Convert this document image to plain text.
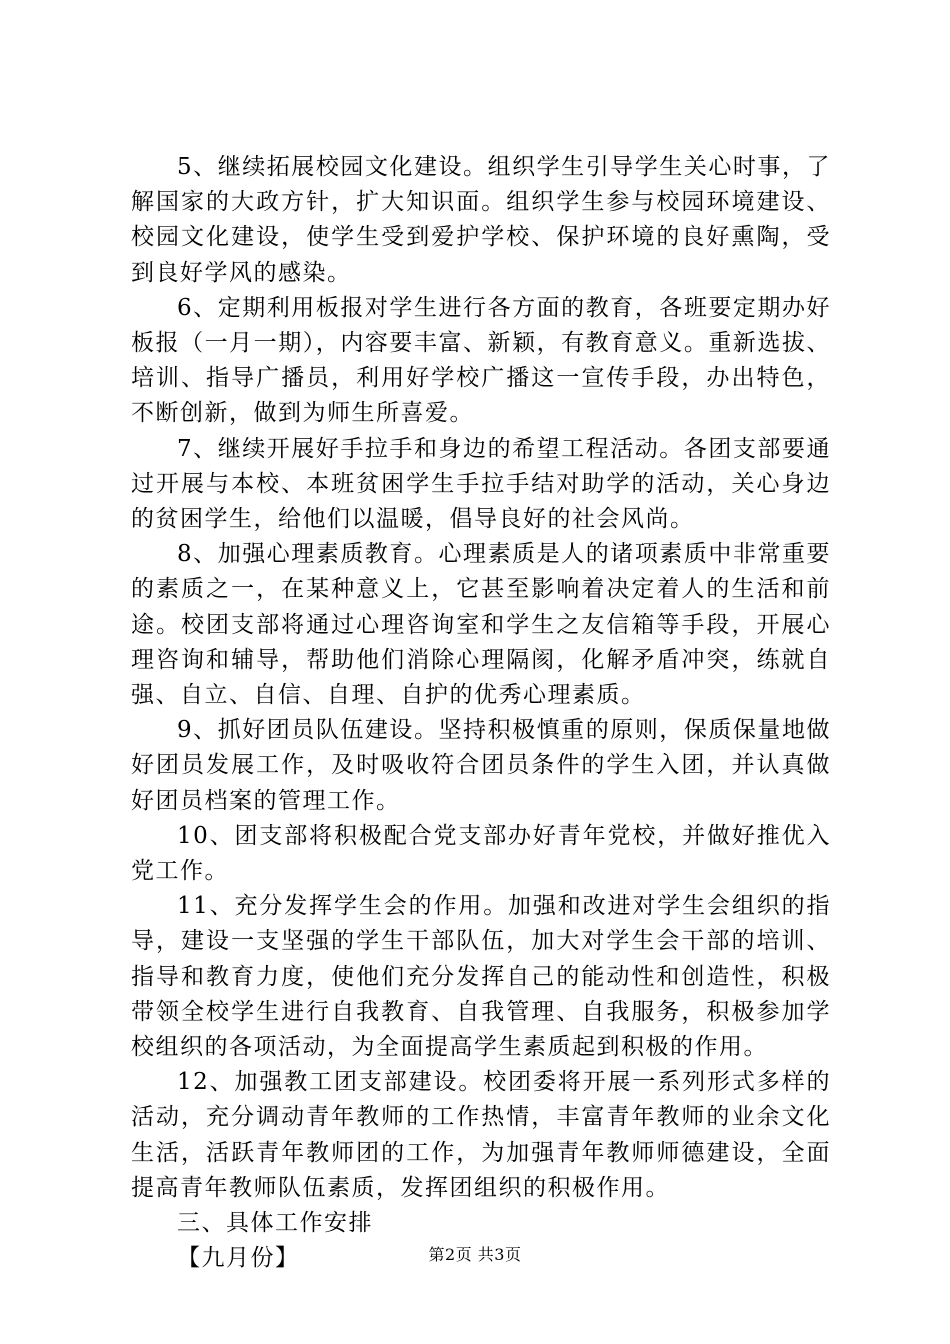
5、继续拓展校园文化建设。组织学生引导学生关心时事，了解国家的大政方针，扩大知识面。组织学生参与校园环境建设、校园文化建设，使学生受到爱护学校、保护环境的良好熏陶，受到良好学风的感染。

6、定期利用板报对学生进行各方面的教育，各班要定期办好板报（一月一期），内容要丰富、新颖，有教育意义。重新选拔、培训、指导广播员，利用好学校广播这一宣传手段，办出特色，不断创新，做到为师生所喜爱。

7、继续开展好手拉手和身边的希望工程活动。各团支部要通过开展与本校、本班贫困学生手拉手结对助学的活动，关心身边的贫困学生，给他们以温暖，倡导良好的社会风尚。

8、加强心理素质教育。心理素质是人的诸项素质中非常重要的素质之一，在某种意义上，它甚至影响着决定着人的生活和前途。校团支部将通过心理咨询室和学生之友信箱等手段，开展心理咨询和辅导，帮助他们消除心理隔阂，化解矛盾冲突，练就自强、自立、自信、自理、自护的优秀心理素质。

9、抓好团员队伍建设。坚持积极慎重的原则，保质保量地做好团员发展工作，及时吸收符合团员条件的学生入团，并认真做好团员档案的管理工作。

10、团支部将积极配合党支部办好青年党校，并做好推优入党工作。

11、充分发挥学生会的作用。加强和改进对学生会组织的指导，建设一支坚强的学生干部队伍，加大对学生会干部的培训、指导和教育力度，使他们充分发挥自己的能动性和创造性，积极带领全校学生进行自我教育、自我管理、自我服务，积极参加学校组织的各项活动，为全面提高学生素质起到积极的作用。

12、加强教工团支部建设。校团委将开展一系列形式多样的活动，充分调动青年教师的工作热情，丰富青年教师的业余文化生活，活跃青年教师团的工作，为加强青年教师师德建设，全面提高青年教师队伍素质，发挥团组织的积极作用。

三、具体工作安排

【九月份】	第2页 共3页
